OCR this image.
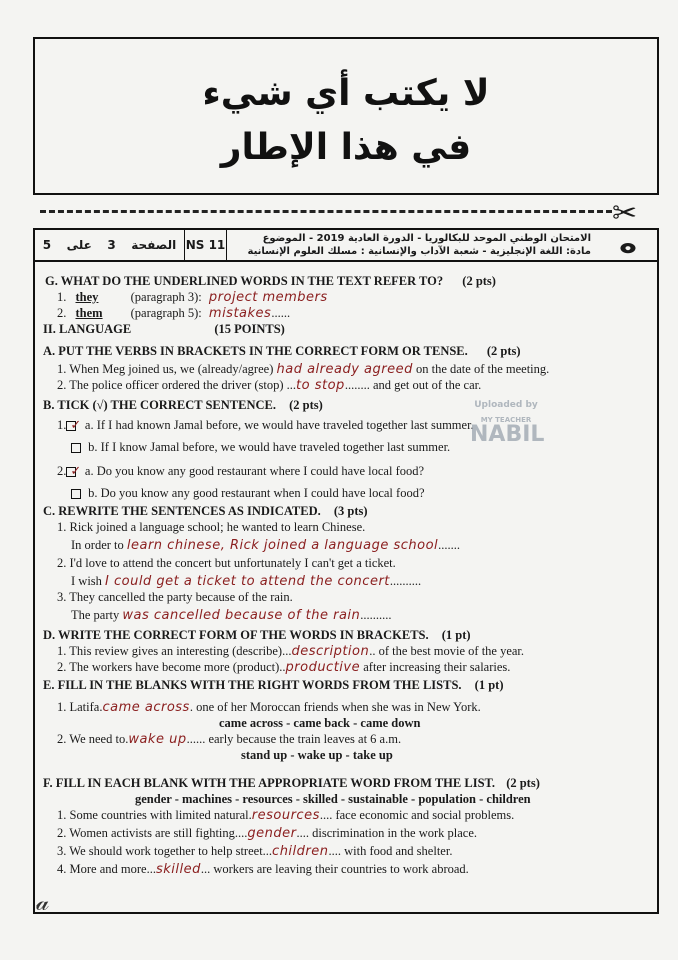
لا يكتب أي شيء
في هذا الإطار
✂
الصفحة
3
على
5	NS 11	الامتحان الوطني الموحد للبكالوريا - الدورة العادية 2019 - الموضوع
مادة: اللغة الإنجليزية - شعبة الآداب والإنسانية : مسلك العلوم الإنسانية	ⴰ
G. WHAT DO THE UNDERLINED WORDS IN THE TEXT REFER TO? (2 pts)
1. they	(paragraph 3): project members
2. them (paragraph 5): mistakes......
II. LANGUAGE	(15 POINTS)
A. PUT THE VERBS IN BRACKETS IN THE CORRECT FORM OR TENSE. (2 pts)
1. When Meg joined us, we (already/agree) had already agreed on the date of the meeting.
2. The police officer ordered the driver (stop) ...to stop........ and get out of the car.
B. TICK (√) THE CORRECT SENTENCE. (2 pts)
1. ✓ a. If I had known Jamal before, we would have traveled together last summer.
b. If I know Jamal before, we would have traveled together last summer.
2. ✓ a. Do you know any good restaurant where I could have local food?
b. Do you know any good restaurant when I could have local food?
C. REWRITE THE SENTENCES AS INDICATED. (3 pts)
1. Rick joined a language school; he wanted to learn Chinese.
In order to learn chinese, Rick joined a language school.......
2. I'd love to attend the concert but unfortunately I can't get a ticket.
I wish I could get a ticket to attend the concert..........
3. They cancelled the party because of the rain.
The party was cancelled because of the rain..........
D. WRITE THE CORRECT FORM OF THE WORDS IN BRACKETS. (1 pt)
1. This review gives an interesting (describe)...description.. of the best movie of the year.
2. The workers have become more (product)..productive after increasing their salaries.
E. FILL IN THE BLANKS WITH THE RIGHT WORDS FROM THE LISTS. (1 pt)
1. Latifa.came across. one of her Moroccan friends when she was in New York.
came across - came back - came down
2. We need to.wake up...... early because the train leaves at 6 a.m.
stand up - wake up - take up
F. FILL IN EACH BLANK WITH THE APPROPRIATE WORD FROM THE LIST. (2 pts)
gender - machines - resources - skilled - sustainable - population - children
1. Some countries with limited natural.resources.... face economic and social problems.
2. Women activists are still fighting....gender.... discrimination in the work place.
3. We should work together to help street...children.... with food and shelter.
4. More and more...skilled... workers are leaving their countries to work abroad.
Uploaded by
MY TEACHER
NABIL
𝒶
